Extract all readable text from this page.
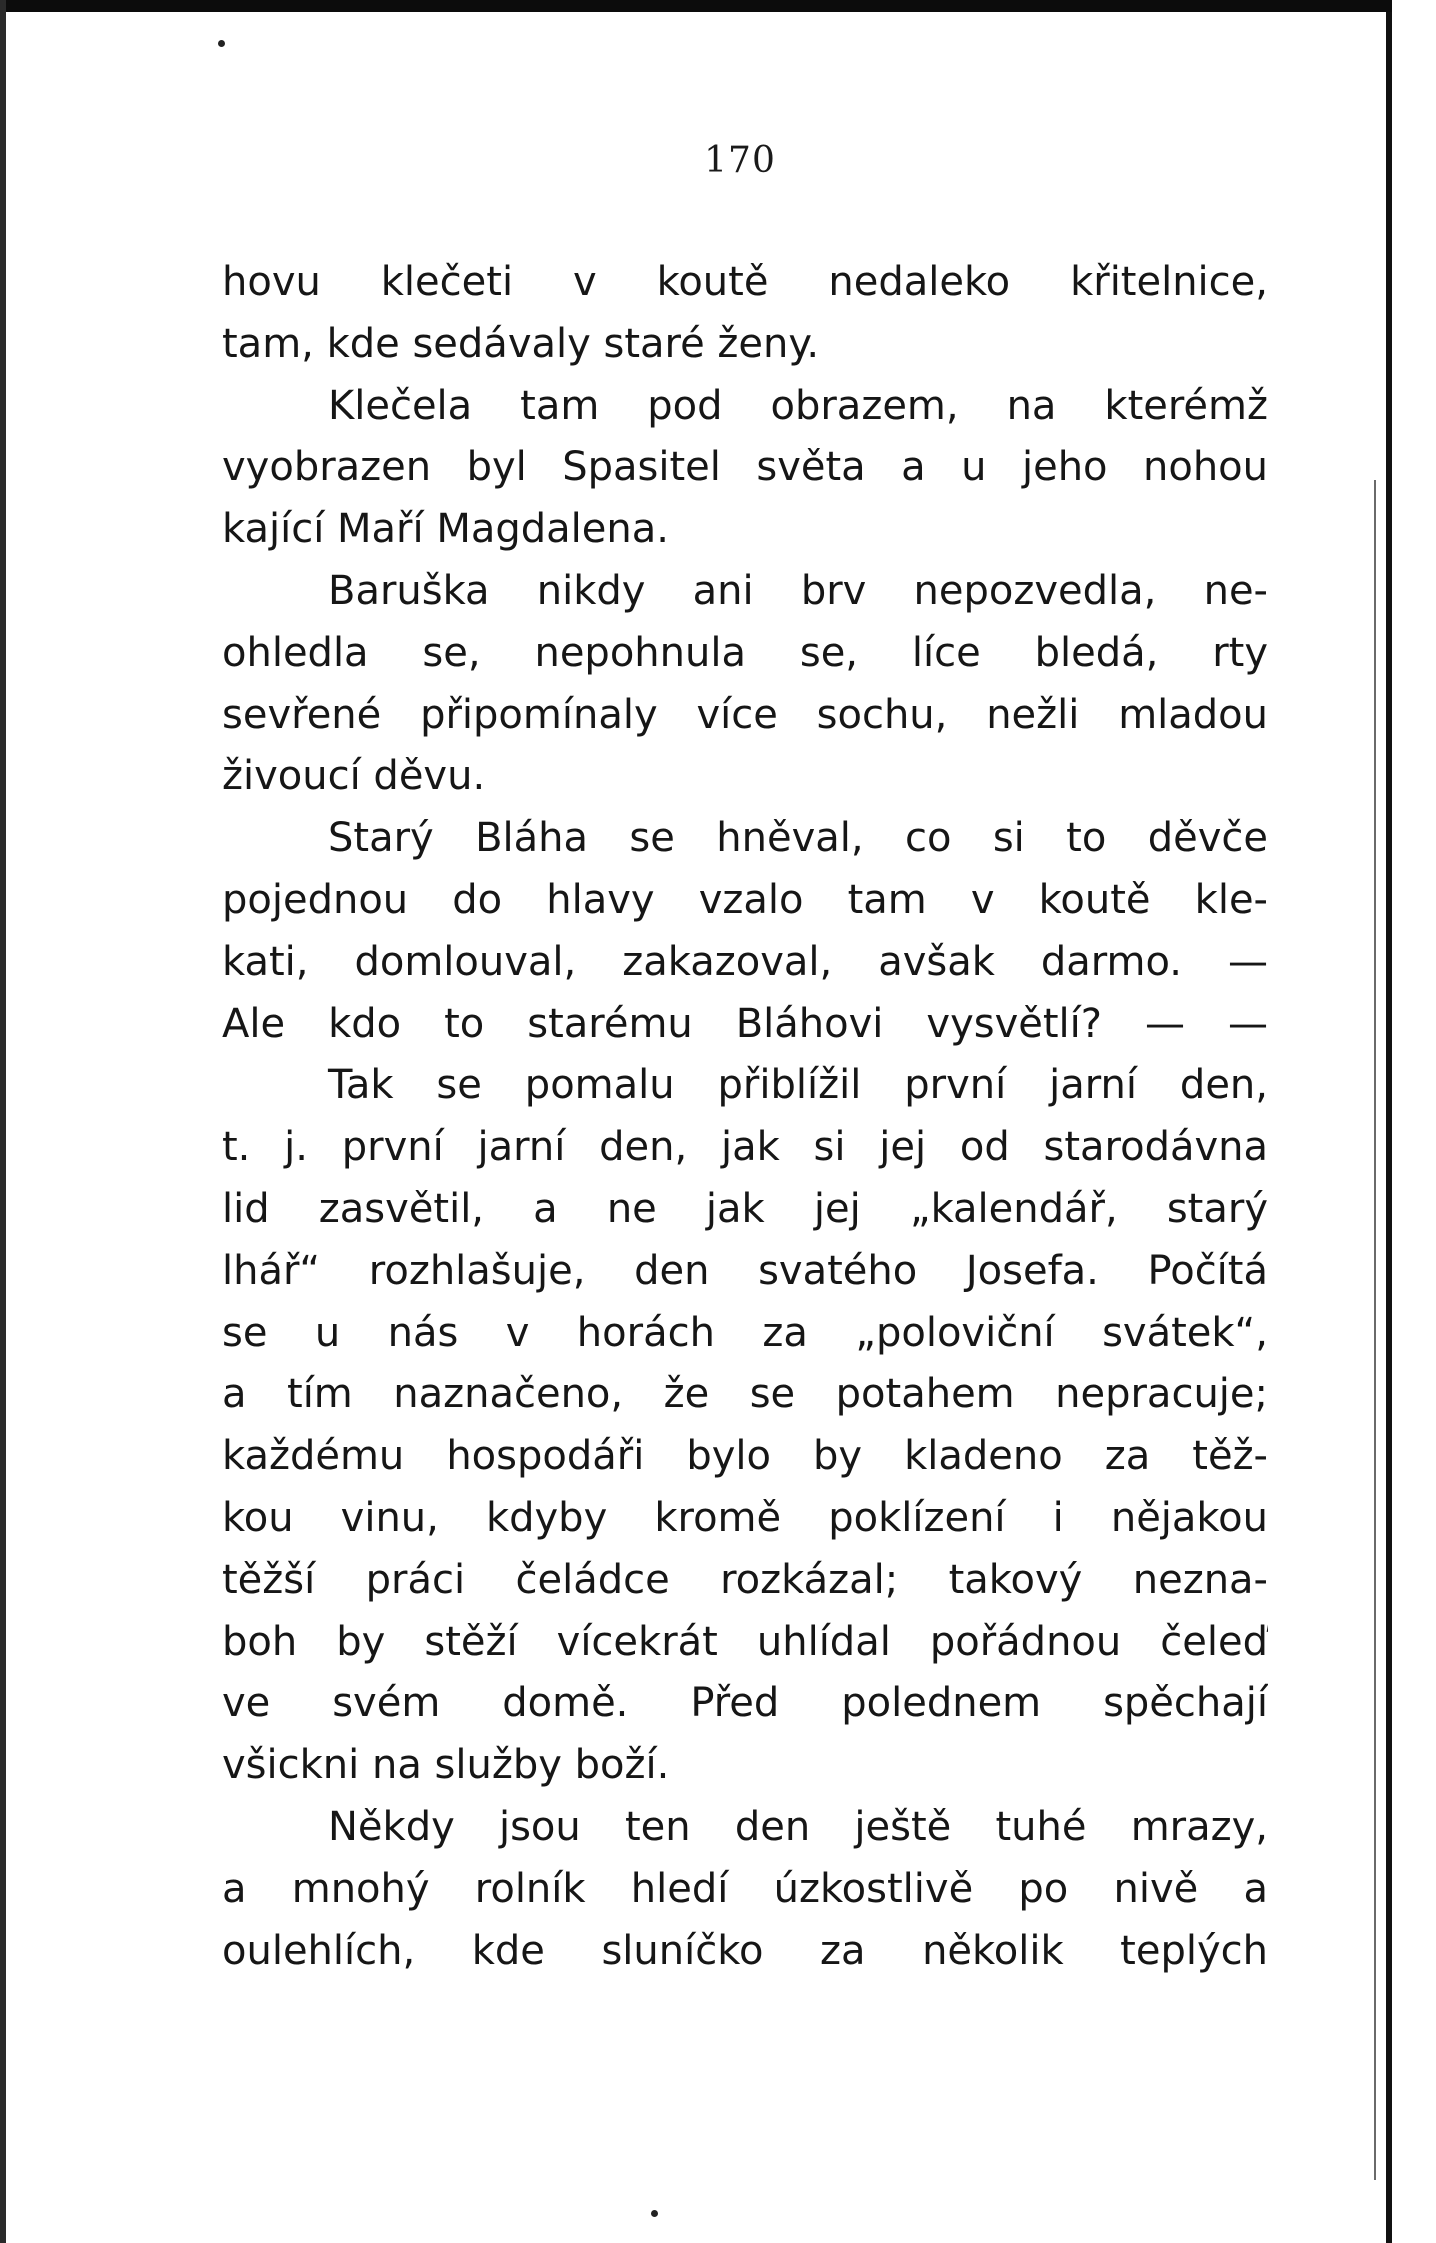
170
hovu klečeti v koutě nedaleko křitelnice,
tam, kde sedávaly staré ženy.
Klečela tam pod obrazem, na kterémž
vyobrazen byl Spasitel světa a u jeho nohou
kající Maří Magdalena.
Baruška nikdy ani brv nepozvedla, ne-
ohledla se, nepohnula se, líce bledá, rty
sevřené připomínaly více sochu, nežli mladou
živoucí děvu.
Starý Bláha se hněval, co si to děvče
pojednou do hlavy vzalo tam v koutě kle-
kati, domlouval, zakazoval, avšak darmo. —
Ale kdo to starému Bláhovi vysvětlí? — —
Tak se pomalu přiblížil první jarní den,
t. j. první jarní den, jak si jej od starodávna
lid zasvětil, a ne jak jej „kalendář, starý
lhář“ rozhlašuje, den svatého Josefa. Počítá
se u nás v horách za „poloviční svátek“,
a tím naznačeno, že se potahem nepracuje;
každému hospodáři bylo by kladeno za těž-
kou vinu, kdyby kromě poklízení i nějakou
těžší práci čeládce rozkázal; takový nezna-
boh by stěží vícekrát uhlídal pořádnou čeleď
ve svém domě. Před polednem spěchají
všickni na služby boží.
Někdy jsou ten den ještě tuhé mrazy,
a mnohý rolník hledí úzkostlivě po nivě a
oulehlích, kde sluníčko za několik teplých
